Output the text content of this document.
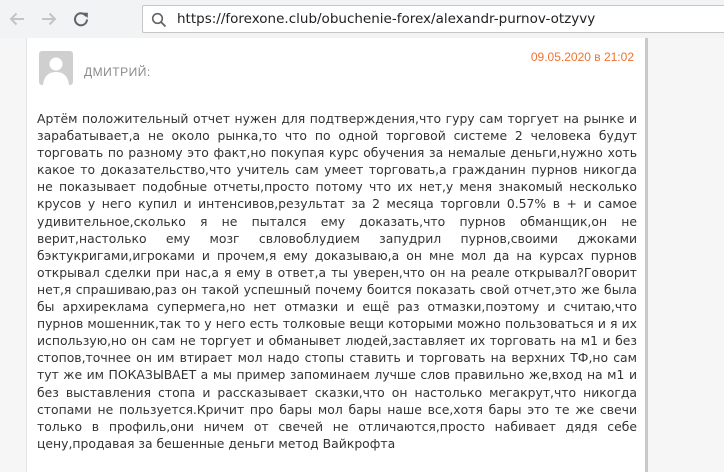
https://forexone.club/obuchenie-forex/alexandr-purnov-otzyvy
ДМИТРИЙ:
09.05.2020 в 21:02
Артём положительный отчет нужен для подтверждения,что гуру сам торгует на рынке и зарабатывает,а не около рынка,то что по одной торговой системе 2 человека будут торговать по разному это факт,но покупая курс обучения за немалые деньги,нужно хоть какое то доказательство,что учитель сам умеет торговать,а гражданин пурнов никогда не показывает подобные отчеты,просто потому что их нет,у меня знакомый несколько крусов у него купил и интенсивов,результат за 2 месяца торговли 0.57% в + и самое удивительное,сколько я не пытался ему доказать,что пурнов обманщик,он не верит,настолько ему мозг свловоблудием запудрил пурнов,своими джоками бэктукригами,игроками и прочем,я ему доказываю,а он мне мол да на курсах пурнов открывал сделки при нас,а я ему в ответ,а ты уверен,что он на реале открывал?Говорит нет,я спрашиваю,раз он такой успешный почему боится показать свой отчет,это же была бы архиреклама супермега,но нет отмазки и ещё раз отмазки,поэтому и считаю,что пурнов мошенник,так то у него есть толковые вещи которыми можно пользоваться и я их использую,но он сам не торгует и обманывет людей,заставляет их торговать на м1 и без стопов,точнее он им втирает мол надо стопы ставить и торговать на верхних ТФ,но сам тут же им ПОКАЗЫВАЕТ а мы пример запоминаем лучше слов правильно же,вход на м1 и без выставления стопа и рассказывает сказки,что он настолько мегакрут,что никогда стопами не пользуется.Кричит про бары мол бары наше все,хотя бары это те же свечи только в профиль,они ничем от свечей не отличаются,просто набивает дядя себе цену,продавая за бешенные деньги метод Вайкрофта
